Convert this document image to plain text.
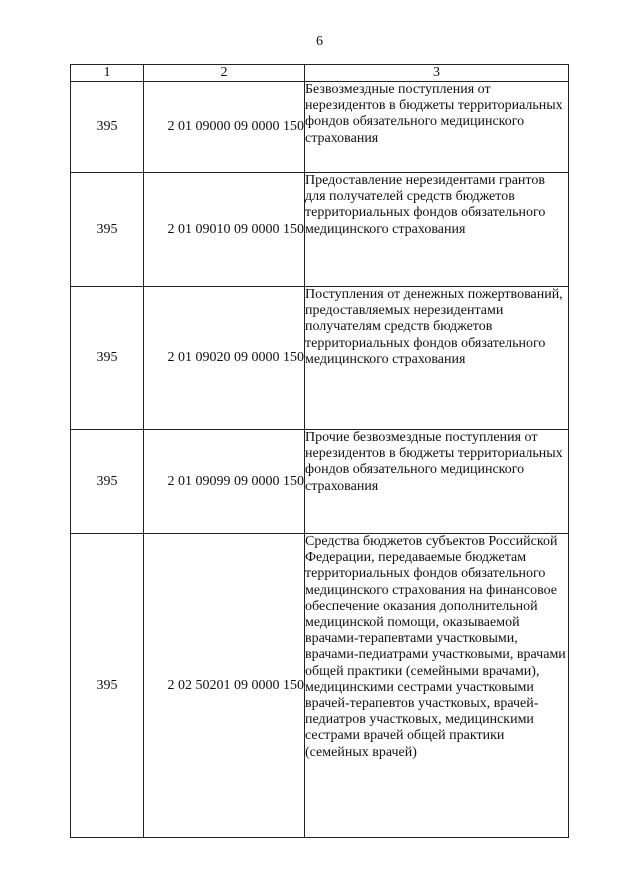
6
1	2	3
395	2 01 09000 09 0000 150	Безвозмездные поступления от нерезидентов в бюджеты территориальных фондов обязательного медицинского страхования
395	2 01 09010 09 0000 150	Предоставление нерезидентами грантов для получателей средств бюджетов территориальных фондов обязательного медицинского страхования
395	2 01 09020 09 0000 150	Поступления от денежных пожертвований, предоставляемых нерезидентами получателям средств бюджетов территориальных фондов обязательного медицинского страхования
395	2 01 09099 09 0000 150	Прочие безвозмездные поступления от нерезидентов в бюджеты территориальных фондов обязательного медицинского страхования
395	2 02 50201 09 0000 150	Средства бюджетов субъектов Российской Федерации, передаваемые бюджетам территориальных фондов обязательного медицинского страхования на финансовое обеспечение оказания дополнительной медицинской помощи, оказываемой врачами-терапевтами участковыми, врачами-педиатрами участковыми, врачами общей практики (семейными врачами), медицинскими сестрами участковыми врачей-терапевтов участковых, врачей-педиатров участковых, медицинскими сестрами врачей общей практики (семейных врачей)
